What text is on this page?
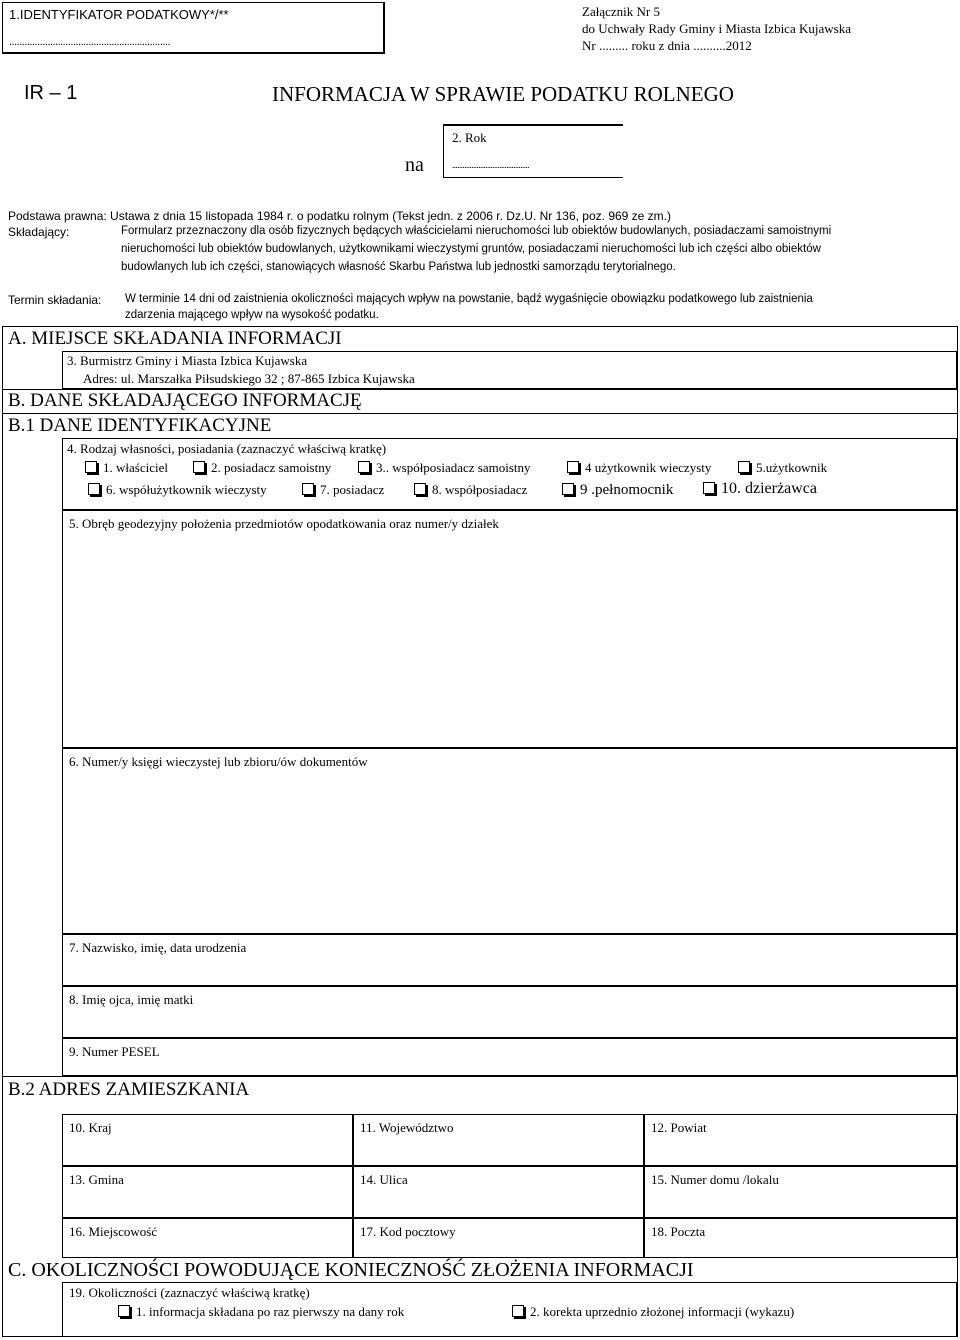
1.IDENTYFIKATOR PODATKOWY*/**
...............................................................
Załącznik Nr 5
do Uchwały Rady Gminy i Miasta Izbica Kujawska
Nr ......... roku z dnia ..........2012
IR – 1	INFORMACJA W SPRAWIE PODATKU ROLNEGO
na
2. Rok
............................................
Podstawa prawna: Ustawa z dnia 15 listopada 1984 r. o podatku rolnym (Tekst jedn. z 2006 r. Dz.U. Nr 136, poz. 969 ze zm.)
Składający:	Formularz przeznaczony dla osób fizycznych będących właścicielami nieruchomości lub obiektów budowlanych, posiadaczami samoistnymi
nieruchomości lub obiektów budowlanych, użytkownikami wieczystymi gruntów, posiadaczami nieruchomości lub ich części albo obiektów
budowlanych lub ich części, stanowiących własność Skarbu Państwa lub jednostki samorządu terytorialnego.
Termin składania: W terminie 14 dni od zaistnienia okoliczności mających wpływ na powstanie, bądź wygaśnięcie obowiązku podatkowego lub zaistnienia
zdarzenia mającego wpływ na wysokość podatku.
A. MIEJSCE SKŁADANIA INFORMACJI
3. Burmistrz Gminy i Miasta Izbica Kujawska
Adres: ul. Marszałka Piłsudskiego 32 ; 87-865 Izbica Kujawska
B. DANE SKŁADAJĄCEGO INFORMACJĘ
B.1 DANE IDENTYFIKACYJNE
4. Rodzaj własności, posiadania (zaznaczyć właściwą kratkę)
1. właściciel	2. posiadacz samoistny	3.. współposiadacz samoistny	4 użytkownik wieczysty	5.użytkownik
6. współużytkownik wieczysty	7. posiadacz	8. współposiadacz	9 .pełnomocnik	10. dzierżawca
5. Obręb geodezyjny położenia przedmiotów opodatkowania oraz numer/y działek
6. Numer/y księgi wieczystej lub zbioru/ów dokumentów
7. Nazwisko, imię, data urodzenia
8. Imię ojca, imię matki
9. Numer PESEL
B.2 ADRES ZAMIESZKANIA
10. Kraj	11. Województwo	12. Powiat
13. Gmina	14. Ulica	15. Numer domu /lokalu
16. Miejscowość	17. Kod pocztowy	18. Poczta
C. OKOLICZNOŚCI POWODUJĄCE KONIECZNOŚĆ ZŁOŻENIA INFORMACJI
19. Okoliczności (zaznaczyć właściwą kratkę)
1. informacja składana po raz pierwszy na dany rok	2. korekta uprzednio złożonej informacji (wykazu)
